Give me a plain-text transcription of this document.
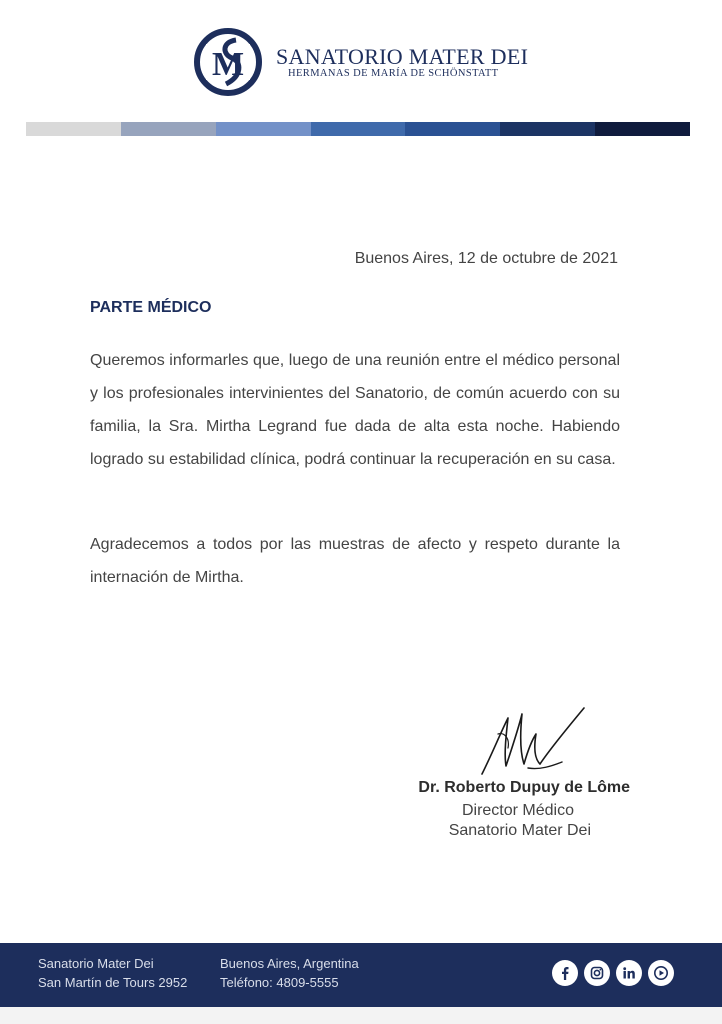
M SANATORIO MATER DEI
HERMANAS DE MARÍA DE SCHÖNSTATT
Buenos Aires, 12 de octubre de 2021
PARTE MÉDICO

Queremos informarles que, luego de una reunión entre el médico personal y los profesionales intervinientes del Sanatorio, de común acuerdo con su familia, la Sra. Mirtha Legrand fue dada de alta esta noche. Habiendo logrado su estabilidad clínica, podrá continuar la recuperación en su casa.

Agradecemos a todos por las muestras de afecto y respeto durante la internación de Mirtha.

Dr. Roberto Dupuy de Lôme
Director Médico
Sanatorio Mater Dei
Sanatorio Mater Dei
San Martín de Tours 2952
Buenos Aires, Argentina
Teléfono: 4809-5555
